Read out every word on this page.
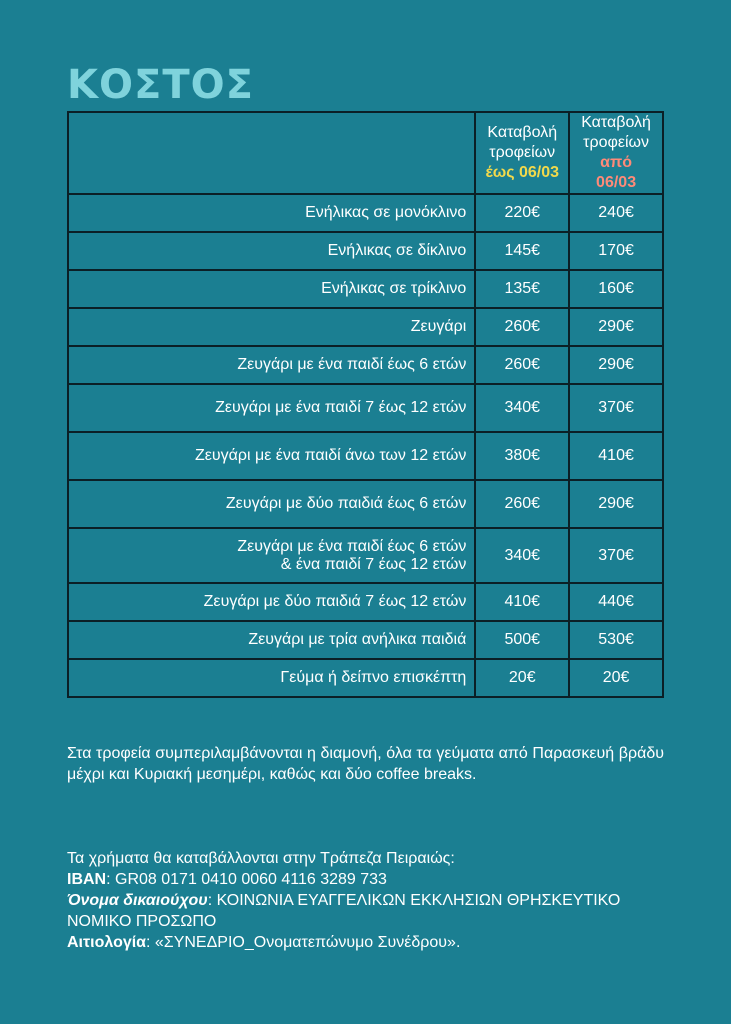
ΚΟΣΤΟΣ

	Καταβολή
τροφείων
έως 06/03	Καταβολή
τροφείων
από 06/03

Ενήλικας σε μονόκλινο	220€	240€

Ενήλικας σε δίκλινο	145€	170€

Ενήλικας σε τρίκλινο	135€	160€

Ζευγάρι	260€	290€

Ζευγάρι με ένα παιδί έως 6 ετών	260€	290€

Ζευγάρι με ένα παιδί 7 έως 12 ετών	340€	370€

Ζευγάρι με ένα παιδί άνω των 12 ετών	380€	410€

Ζευγάρι με δύο παιδιά έως 6 ετών	260€	290€

Ζευγάρι με ένα παιδί έως 6 ετών
& ένα παιδί 7 έως 12 ετών	340€	370€

Ζευγάρι με δύο παιδιά 7 έως 12 ετών	410€	440€

Ζευγάρι με τρία ανήλικα παιδιά	500€	530€

Γεύμα ή δείπνο επισκέπτη	20€	20€
Στα τροφεία συμπεριλαμβάνονται η διαμονή, όλα τα γεύματα από Παρασκευή βράδυ μέχρι και Κυριακή μεσημέρι, καθώς και δύο coffee breaks.
Τα χρήματα θα καταβάλλονται στην Τράπεζα Πειραιώς:
IBAN: GR08 0171 0410 0060 4116 3289 733
Όνομα δικαιούχου: ΚΟΙΝΩΝΙΑ ΕΥΑΓΓΕΛΙΚΩΝ ΕΚΚΛΗΣΙΩΝ ΘΡΗΣΚΕΥΤΙΚΟ ΝΟΜΙΚΟ ΠΡΟΣΩΠΟ
Αιτιολογία: «ΣΥΝΕΔΡΙΟ_Ονοματεπώνυμο Συνέδρου».
